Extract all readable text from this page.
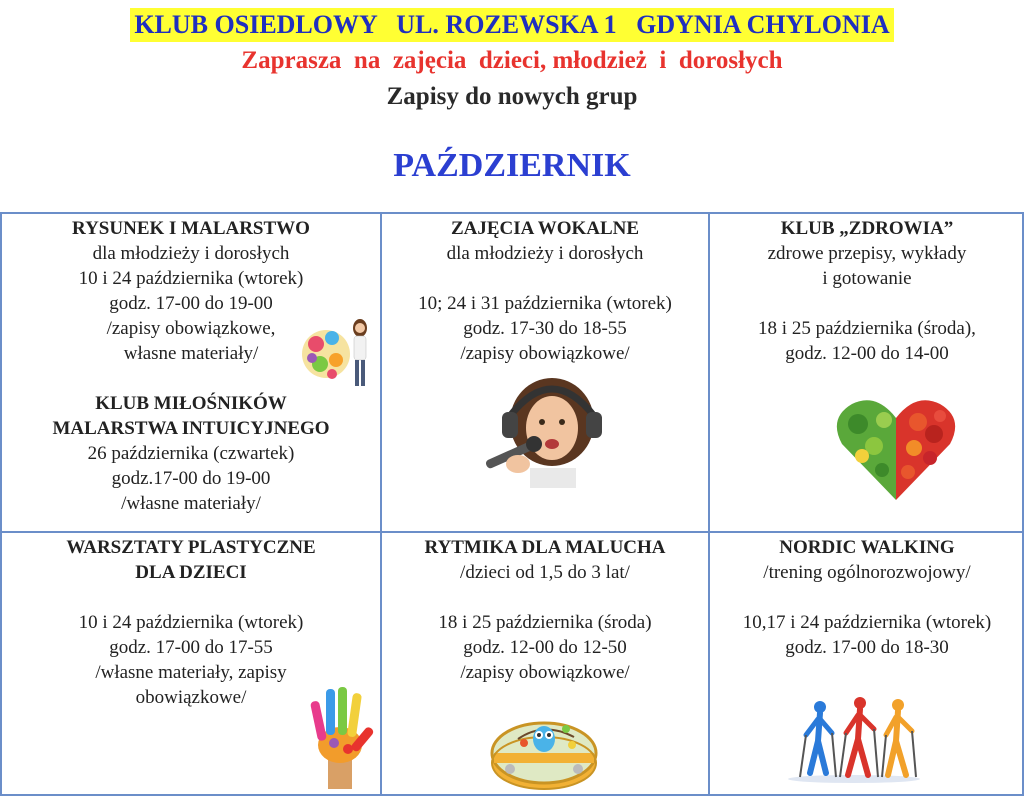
KLUB OSIEDLOWY   UL. ROZEWSKA 1   GDYNIA CHYLONIA
Zaprasza  na  zajęcia  dzieci, młodzież  i  dorosłych
Zapisy do nowych grup
PAŹDZIERNIK
RYSUNEK I MALARSTWO
dla młodzieży i dorosłych
10 i 24 października (wtorek)
godz. 17-00 do 19-00
/zapisy obowiązkowe,
własne materiały/
KLUB MIŁOŚNIKÓW
MALARSTWA INTUICYJNEGO
26 października (czwartek)
godz.17-00 do 19-00
/własne materiały/
ZAJĘCIA WOKALNE
dla młodzieży i dorosłych
10; 24 i 31 października (wtorek)
godz. 17-30 do 18-55
/zapisy obowiązkowe/
KLUB „ZDROWIA”
zdrowe przepisy, wykłady
i gotowanie
18 i 25 października (środa),
godz. 12-00 do 14-00
WARSZTATY PLASTYCZNE
DLA DZIECI
10 i 24 października (wtorek)
godz. 17-00 do 17-55
/własne materiały, zapisy
obowiązkowe/
RYTMIKA DLA MALUCHA
/dzieci od 1,5 do 3 lat/
18 i 25 października (środa)
godz. 12-00 do 12-50
/zapisy obowiązkowe/
NORDIC WALKING
/trening ogólnorozwojowy/
10,17 i 24 października (wtorek)
godz. 17-00 do 18-30
